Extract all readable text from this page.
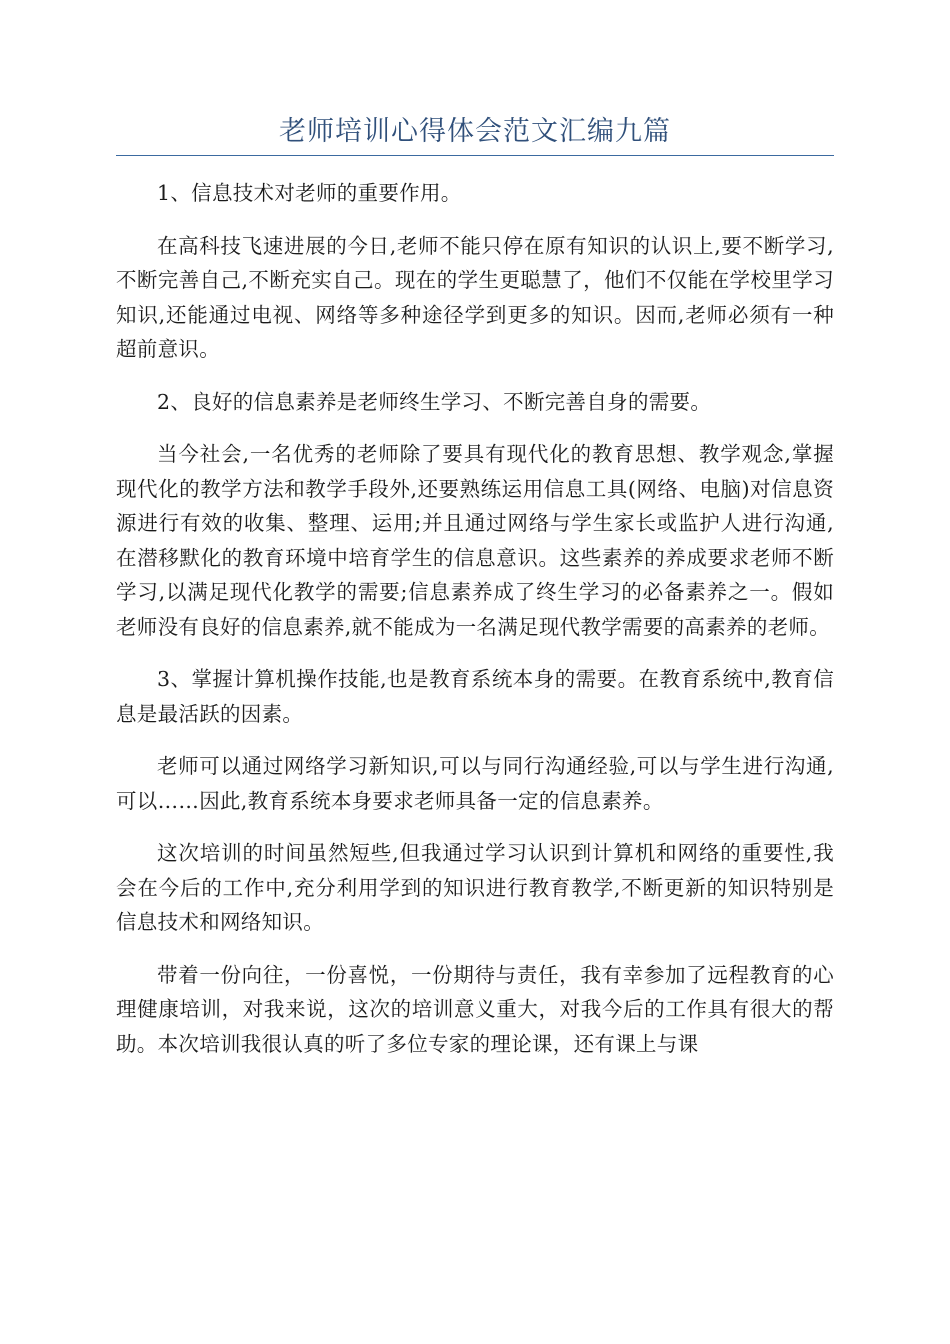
老师培训心得体会范文汇编九篇

1、信息技术对老师的重要作用。

在高科技飞速进展的今日,老师不能只停在原有知识的认识上,要不断学习,不断完善自己,不断充实自己。现在的学生更聪慧了，他们不仅能在学校里学习知识,还能通过电视、网络等多种途径学到更多的知识。因而,老师必须有一种超前意识。

2、良好的信息素养是老师终生学习、不断完善自身的需要。

当今社会,一名优秀的老师除了要具有现代化的教育思想、教学观念,掌握现代化的教学方法和教学手段外,还要熟练运用信息工具(网络、电脑)对信息资源进行有效的收集、整理、运用;并且通过网络与学生家长或监护人进行沟通,在潜移默化的教育环境中培育学生的信息意识。这些素养的养成要求老师不断学习,以满足现代化教学的需要;信息素养成了终生学习的必备素养之一。假如老师没有良好的信息素养,就不能成为一名满足现代教学需要的高素养的老师。

3、掌握计算机操作技能,也是教育系统本身的需要。在教育系统中,教育信息是最活跃的因素。

老师可以通过网络学习新知识,可以与同行沟通经验,可以与学生进行沟通,可以……因此,教育系统本身要求老师具备一定的信息素养。

这次培训的时间虽然短些,但我通过学习认识到计算机和网络的重要性,我会在今后的工作中,充分利用学到的知识进行教育教学,不断更新的知识特别是信息技术和网络知识。

带着一份向往，一份喜悦，一份期待与责任，我有幸参加了远程教育的心理健康培训，对我来说，这次的培训意义重大，对我今后的工作具有很大的帮助。本次培训我很认真的听了多位专家的理论课，还有课上与课
